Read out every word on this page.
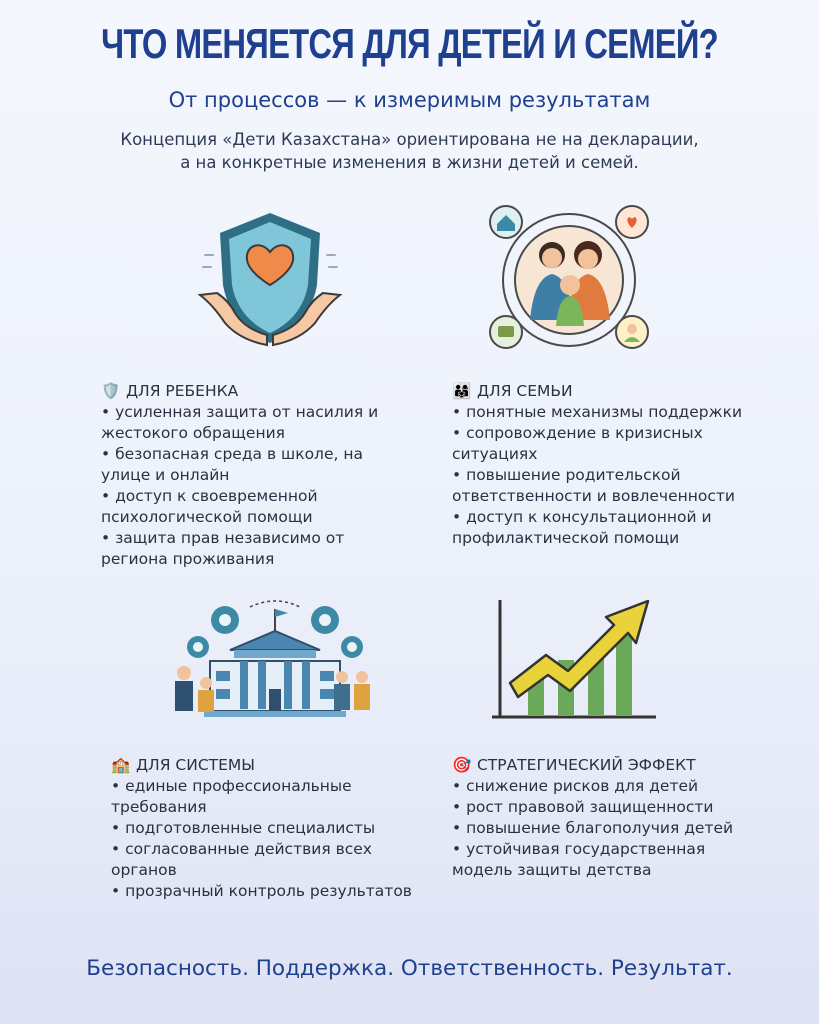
ЧТО МЕНЯЕТСЯ ДЛЯ ДЕТЕЙ И СЕМЕЙ?
От процессов — к измеримым результатам
Концепция «Дети Казахстана» ориентирована не на декларации,
а на конкретные изменения в жизни детей и семей.
🛡️ ДЛЯ РЕБЕНКА
• усиленная защита от насилия и
жестокого обращения
• безопасная среда в школе, на
улице и онлайн
• доступ к своевременной
психологической помощи
• защита прав независимо от
региона проживания
👨‍👩‍👧 ДЛЯ СЕМЬИ
• понятные механизмы поддержки
• сопровождение в кризисных
ситуациях
• повышение родительской
ответственности и вовлеченности
• доступ к консультационной и
профилактической помощи
🏫 ДЛЯ СИСТЕМЫ
• единые профессиональные
требования
• подготовленные специалисты
• согласованные действия всех
органов
• прозрачный контроль результатов
🎯 СТРАТЕГИЧЕСКИЙ ЭФФЕКТ
• снижение рисков для детей
• рост правовой защищенности
• повышение благополучия детей
• устойчивая государственная
модель защиты детства
Безопасность. Поддержка. Ответственность. Результат.
